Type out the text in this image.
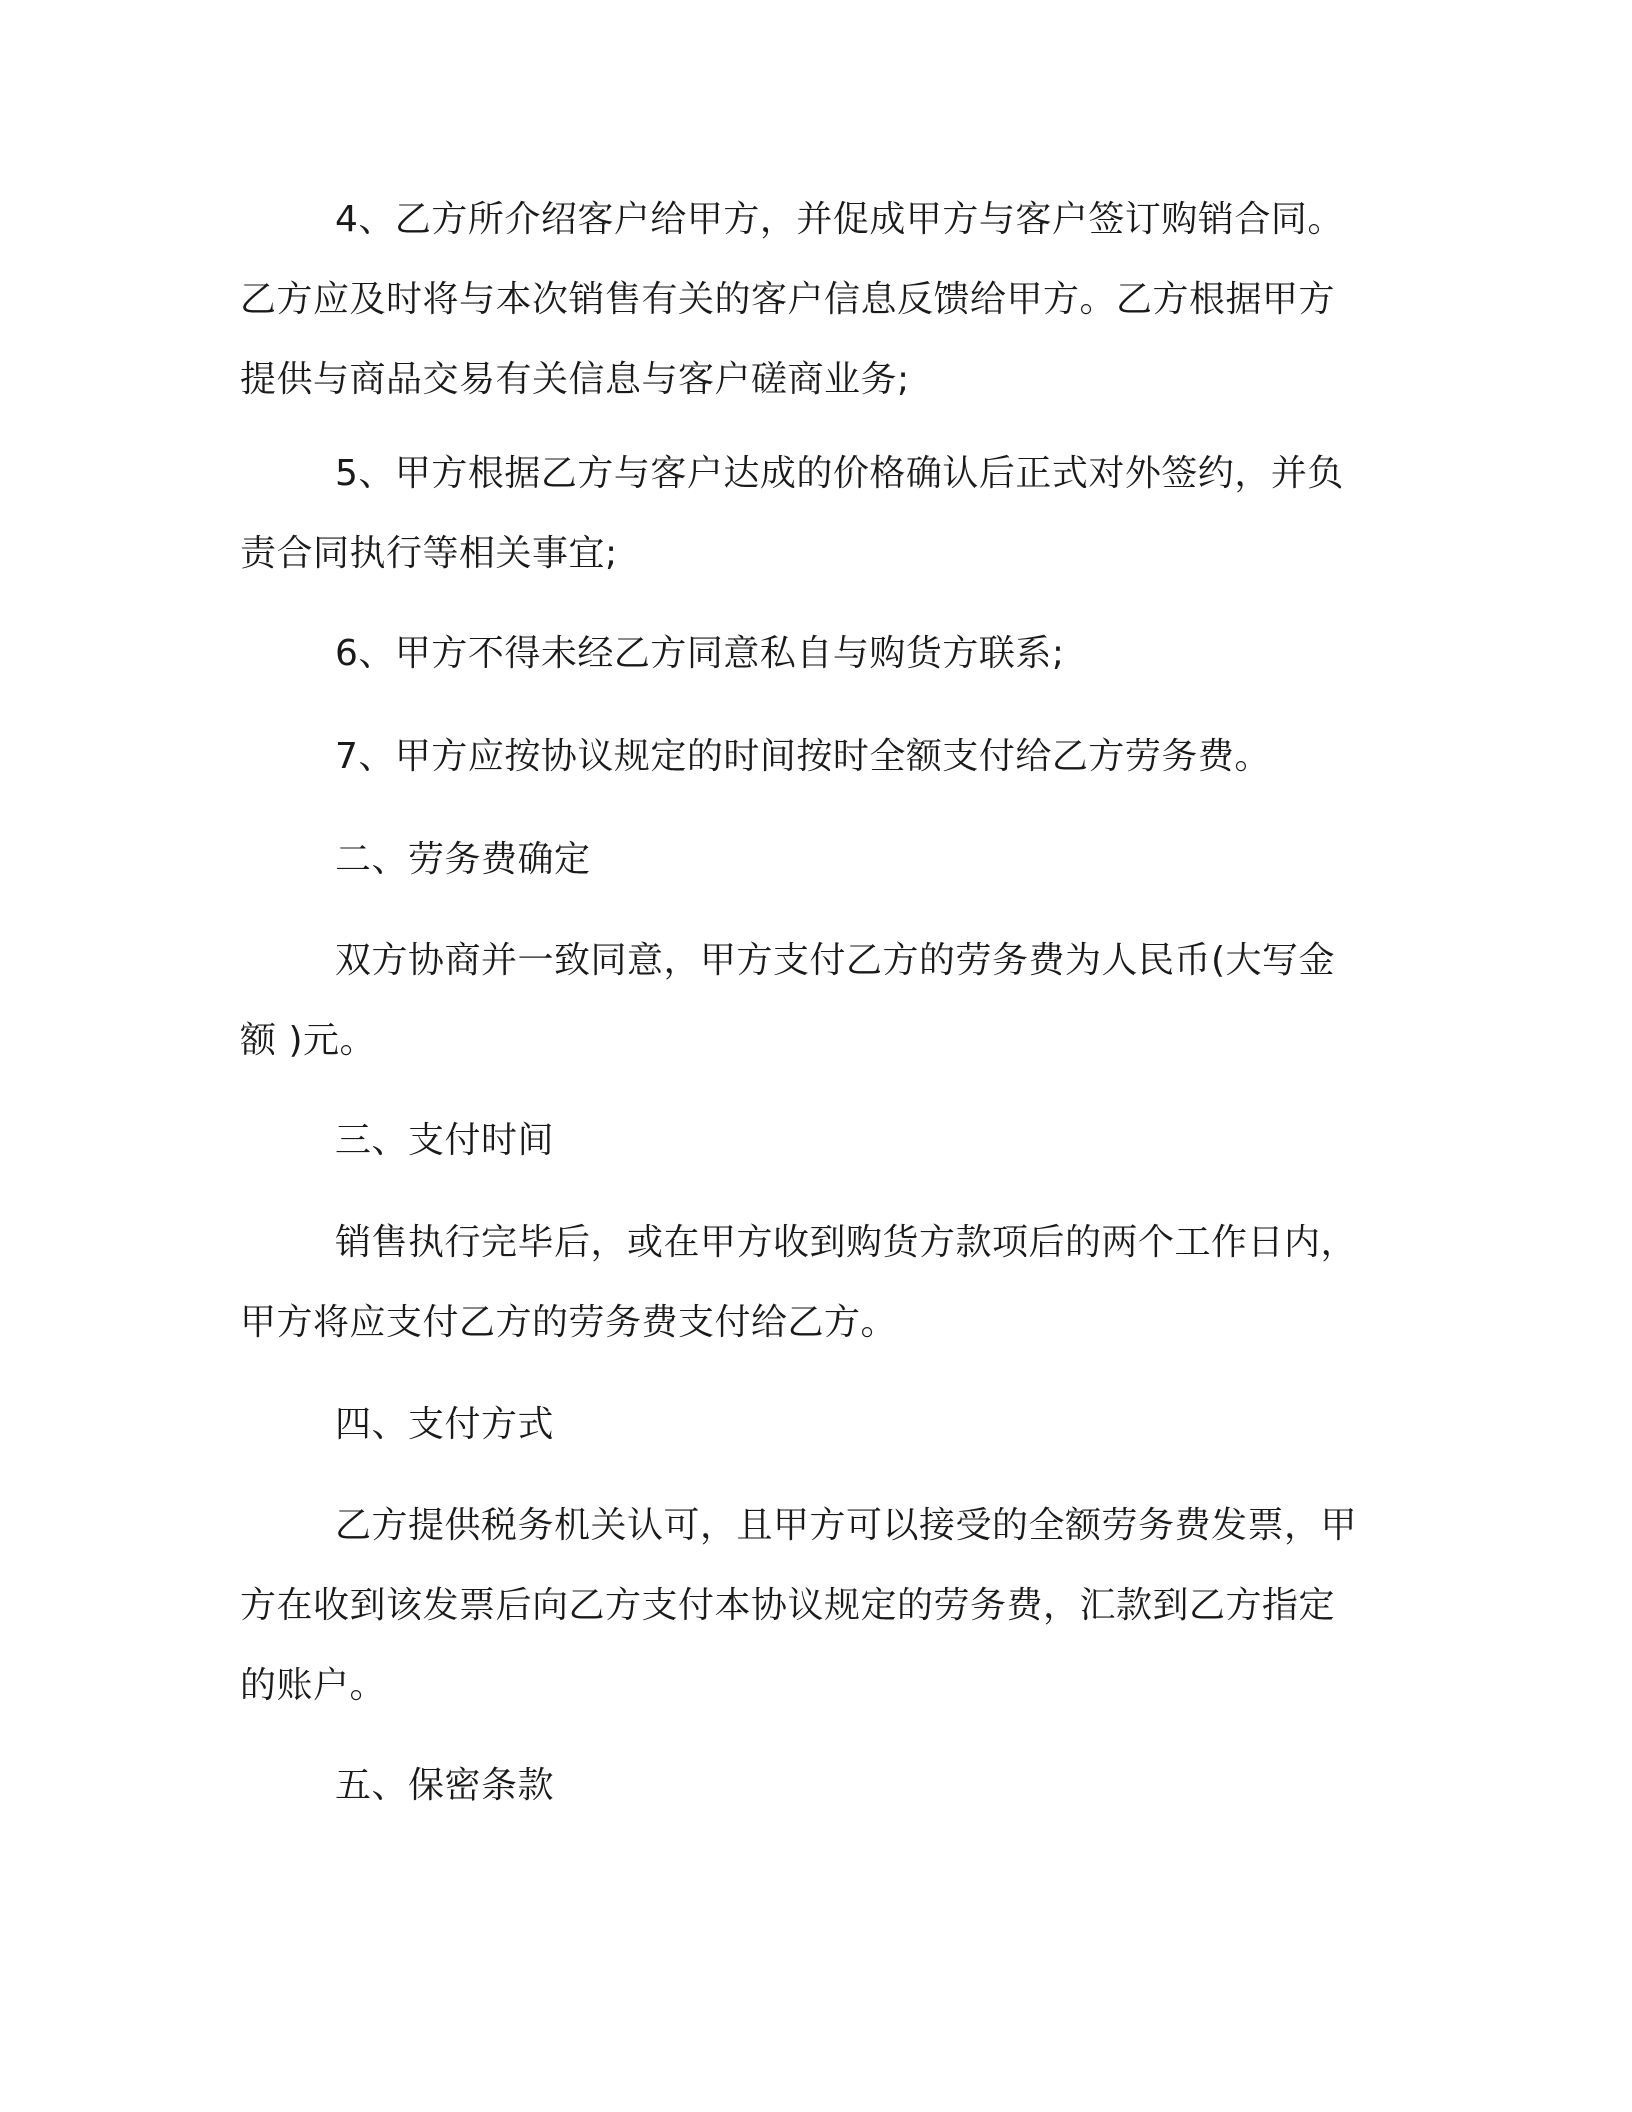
4、乙方所介绍客户给甲方，并促成甲方与客户签订购销合同。
乙方应及时将与本次销售有关的客户信息反馈给甲方。乙方根据甲方
提供与商品交易有关信息与客户磋商业务;
5、甲方根据乙方与客户达成的价格确认后正式对外签约，并负
责合同执行等相关事宜;
6、甲方不得未经乙方同意私自与购货方联系;
7、甲方应按协议规定的时间按时全额支付给乙方劳务费。
二、劳务费确定
双方协商并一致同意，甲方支付乙方的劳务费为人民币(大写金
额 )元。
三、支付时间
销售执行完毕后，或在甲方收到购货方款项后的两个工作日内，
甲方将应支付乙方的劳务费支付给乙方。
四、支付方式
乙方提供税务机关认可，且甲方可以接受的全额劳务费发票，甲
方在收到该发票后向乙方支付本协议规定的劳务费，汇款到乙方指定
的账户。
五、保密条款
